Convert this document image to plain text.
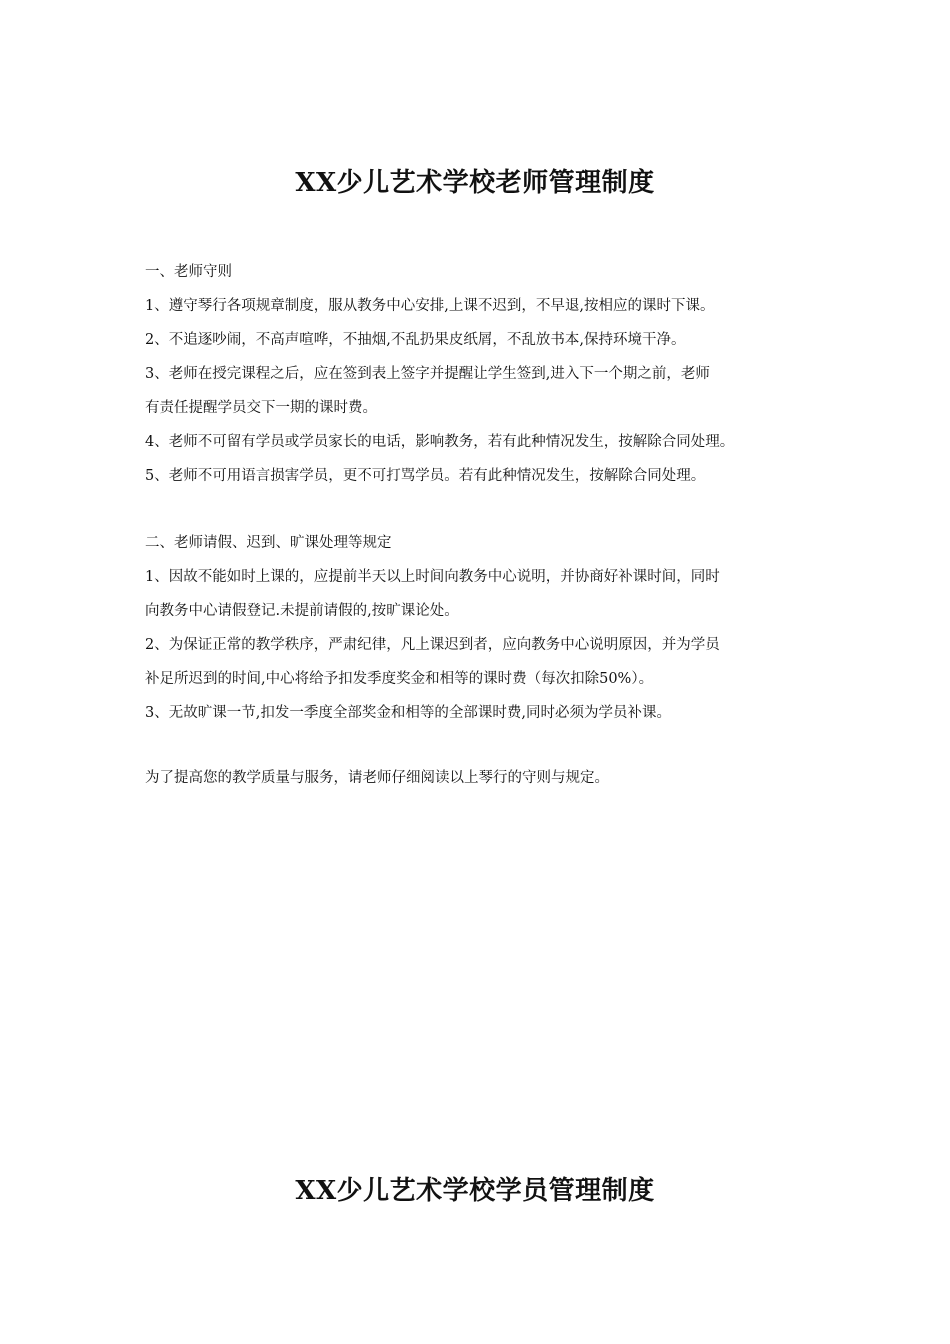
XX少儿艺术学校老师管理制度

一、老师守则

1、遵守琴行各项规章制度，服从教务中心安排,上课不迟到，不早退,按相应的课时下课。

2、不追逐吵闹，不高声喧哗，不抽烟,不乱扔果皮纸屑，不乱放书本,保持环境干净。

3、老师在授完课程之后，应在签到表上签字并提醒让学生签到,进入下一个期之前，老师

有责任提醒学员交下一期的课时费。

4、老师不可留有学员或学员家长的电话，影响教务，若有此种情况发生，按解除合同处理。

5、老师不可用语言损害学员，更不可打骂学员。若有此种情况发生，按解除合同处理。

二、老师请假、迟到、旷课处理等规定

1、因故不能如时上课的，应提前半天以上时间向教务中心说明，并协商好补课时间，同时

向教务中心请假登记.未提前请假的,按旷课论处。

2、为保证正常的教学秩序，严肃纪律，凡上课迟到者，应向教务中心说明原因，并为学员

补足所迟到的时间,中心将给予扣发季度奖金和相等的课时费（每次扣除50%）。

3、无故旷课一节,扣发一季度全部奖金和相等的全部课时费,同时必须为学员补课。

为了提高您的教学质量与服务，请老师仔细阅读以上琴行的守则与规定。

XX少儿艺术学校学员管理制度
